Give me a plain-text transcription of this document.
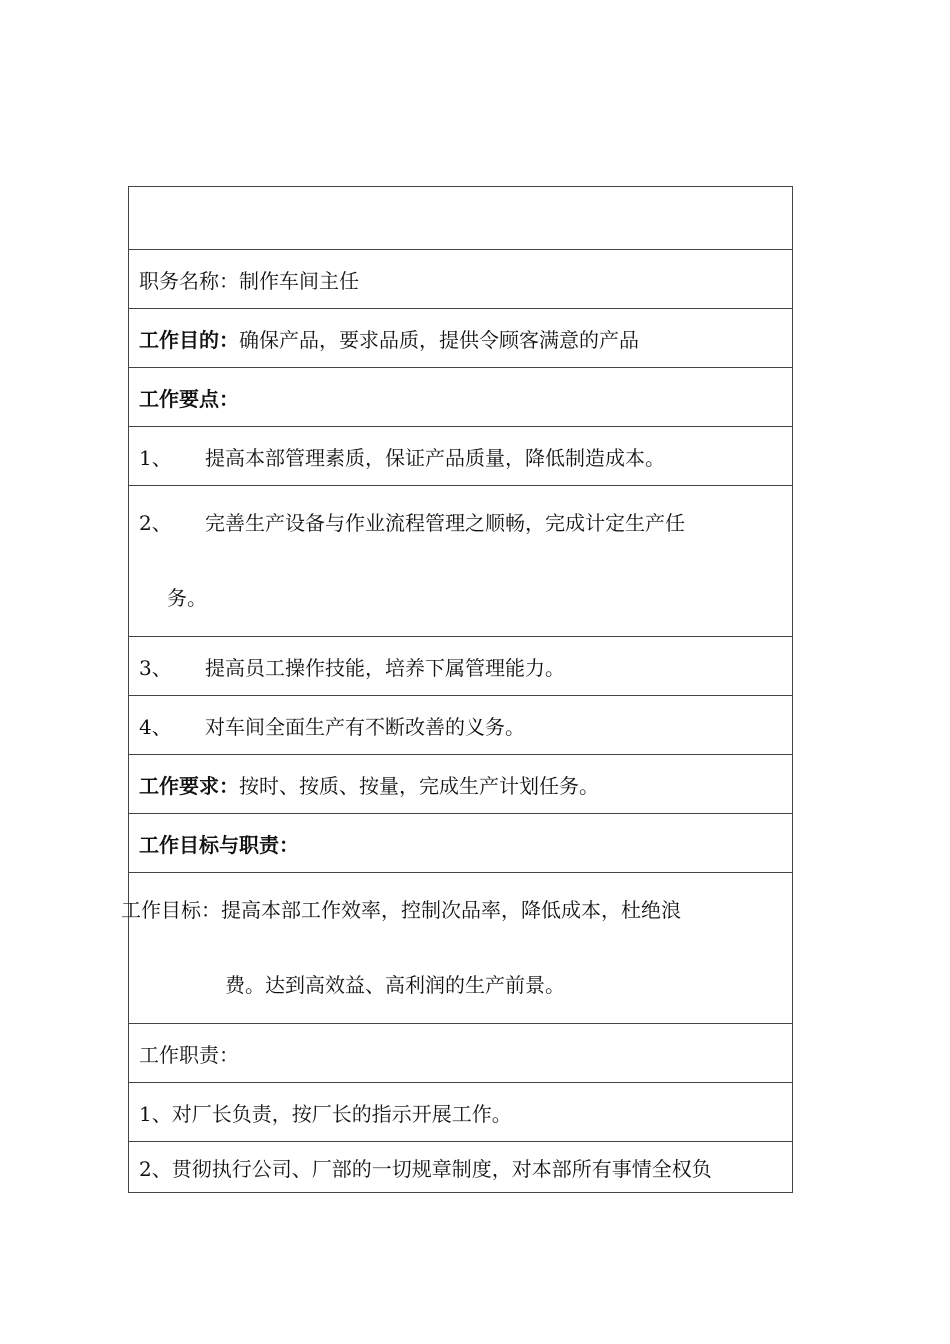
职务名称：制作车间主任
工作目的：确保产品，要求品质，提供令顾客满意的产品
工作要点：
1、 提高本部管理素质，保证产品质量，降低制造成本。

2、 完善生产设备与作业流程管理之顺畅，完成计定生产任
务。

3、 提高员工操作技能，培养下属管理能力。
4、 对车间全面生产有不断改善的义务。
工作要求：按时、按质、按量，完成生产计划任务。
工作目标与职责：

工作目标：提高本部工作效率，控制次品率，降低成本，杜绝浪
费。达到高效益、高利润的生产前景。

工作职责：
1、对厂长负责，按厂长的指示开展工作。
2、贯彻执行公司、厂部的一切规章制度，对本部所有事情全权负
